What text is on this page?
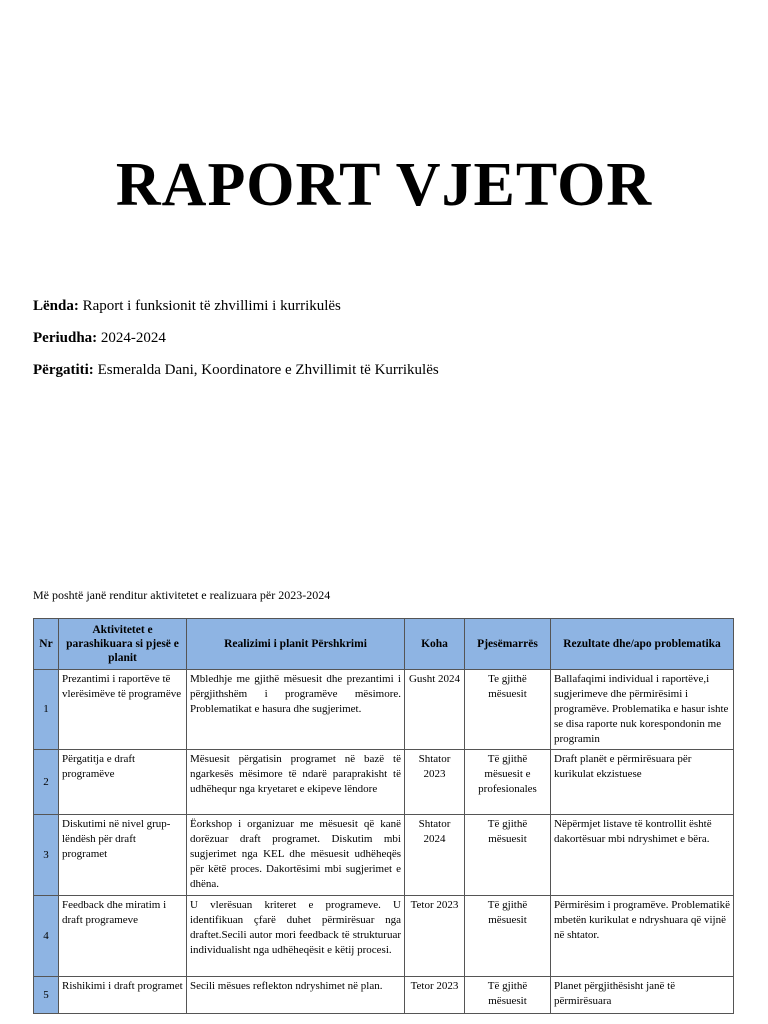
RAPORT VJETOR
Lënda: Raport i funksionit të zhvillimi i kurrikulës
Periudha: 2024-2024
Përgatiti: Esmeralda Dani, Koordinatore e Zhvillimit të Kurrikulës
Më poshtë janë renditur aktivitetet e realizuara për 2023-2024
Nr	Aktivitetet e parashikuara si pjesë e planit	Realizimi i planit Përshkrimi	Koha	Pjesëmarrës	Rezultate dhe/apo problematika
1	Prezantimi i raportëve të vlerësimëve të programëve	Mbledhje me gjithë mësuesit dhe prezantimi i përgjithshëm i programëve mësimore. Problematikat e hasura dhe sugjerimet.	Gusht 2024	Te gjithë mësuesit	Ballafaqimi individual i raportëve,i sugjerimeve dhe përmirësimi i programëve. Problematika e hasur ishte se disa raporte nuk korespondonin me programin
2	Përgatitja e draft programëve	Mësuesit përgatisin programet në bazë të ngarkesës mësimore të ndarë paraprakisht të udhëhequr nga kryetaret e ekipeve lëndore	Shtator 2023	Të gjithë mësuesit e profesionales	Draft planët e përmirësuara për kurikulat ekzistuese
3	Diskutimi në nivel grup-lëndësh për draft programet	Ëorkshop i organizuar me mësuesit që kanë dorëzuar draft programet. Diskutim mbi sugjerimet nga KEL dhe mësuesit udhëheqës për këtë proces. Dakortësimi mbi sugjerimet e dhëna.	Shtator 2024	Të gjithë mësuesit	Nëpërmjet listave të kontrollit është dakortësuar mbi ndryshimet e bëra.
4	Feedback dhe miratim i draft programeve	U vlerësuan kriteret e programeve. U identifikuan çfarë duhet përmirësuar nga draftet.Secili autor mori feedback të strukturuar individualisht nga udhëheqësit e këtij procesi.	Tetor 2023	Të gjithë mësuesit	Përmirësim i programëve. Problematikë mbetën kurikulat e ndryshuara që vijnë në shtator.
5	Rishikimi i draft programet	Secili mësues reflekton ndryshimet në plan.	Tetor 2023	Të gjithë mësuesit	Planet përgjithësisht janë të përmirësuara
